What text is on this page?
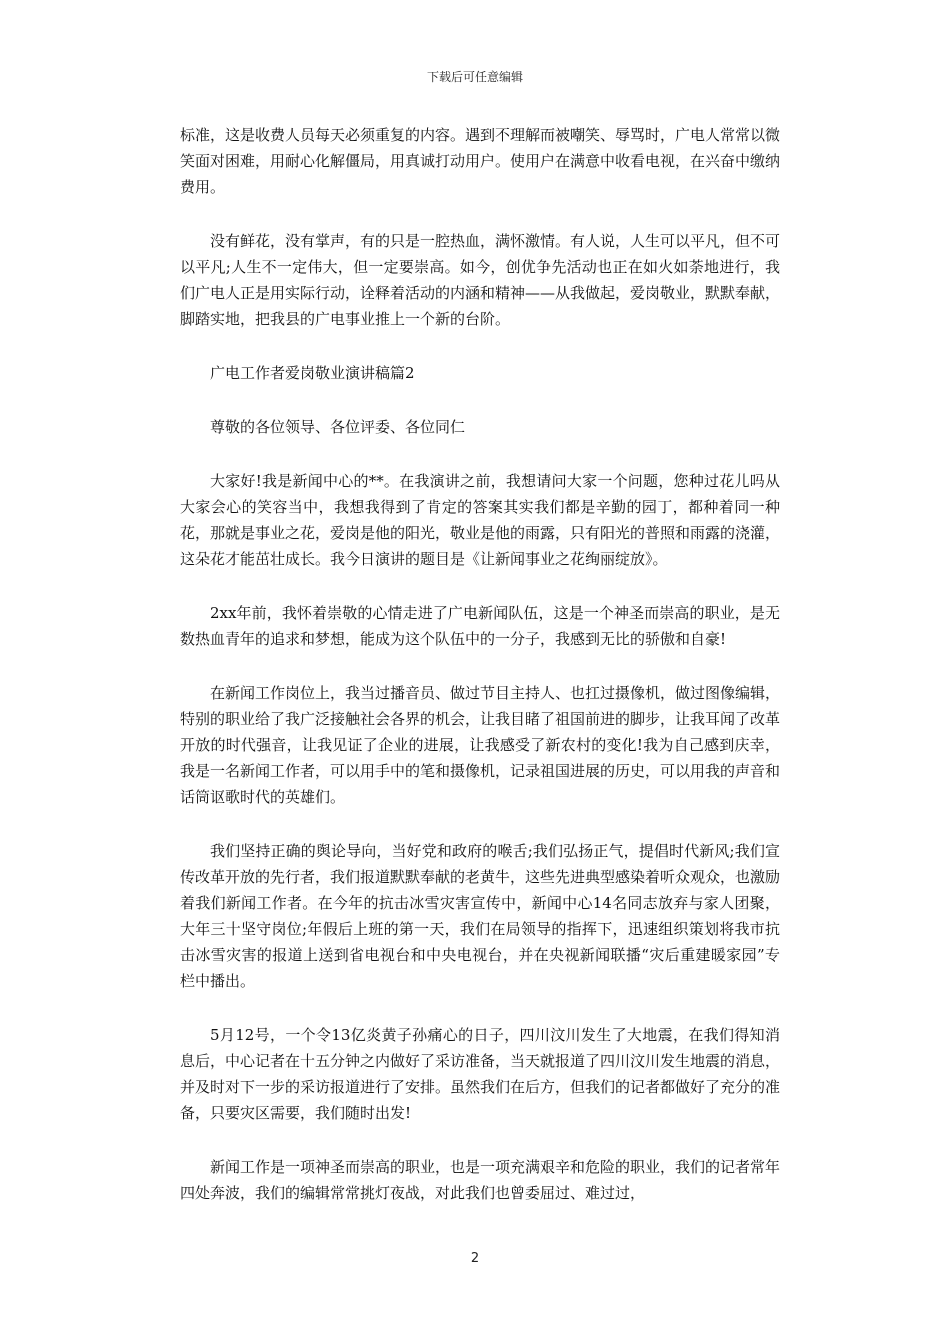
下载后可任意编辑

标准，这是收费人员每天必须重复的内容。遇到不理解而被嘲笑、辱骂时，广电人常常以微笑面对困难，用耐心化解僵局，用真诚打动用户。使用户在满意中收看电视，在兴奋中缴纳费用。

没有鲜花，没有掌声，有的只是一腔热血，满怀激情。有人说，人生可以平凡，但不可以平凡;人生不一定伟大，但一定要崇高。如今，创优争先活动也正在如火如荼地进行，我们广电人正是用实际行动，诠释着活动的内涵和精神——从我做起，爱岗敬业，默默奉献，脚踏实地，把我县的广电事业推上一个新的台阶。

广电工作者爱岗敬业演讲稿篇2

尊敬的各位领导、各位评委、各位同仁

大家好!我是新闻中心的**。在我演讲之前，我想请问大家一个问题，您种过花儿吗从大家会心的笑容当中，我想我得到了肯定的答案其实我们都是辛勤的园丁，都种着同一种花，那就是事业之花，爱岗是他的阳光，敬业是他的雨露，只有阳光的普照和雨露的浇灌，这朵花才能茁壮成长。我今日演讲的题目是《让新闻事业之花绚丽绽放》。

2xx年前，我怀着崇敬的心情走进了广电新闻队伍，这是一个神圣而崇高的职业，是无数热血青年的追求和梦想，能成为这个队伍中的一分子，我感到无比的骄傲和自豪!

在新闻工作岗位上，我当过播音员、做过节目主持人、也扛过摄像机，做过图像编辑，特别的职业给了我广泛接触社会各界的机会，让我目睹了祖国前进的脚步，让我耳闻了改革开放的时代强音，让我见证了企业的进展，让我感受了新农村的变化!我为自己感到庆幸，我是一名新闻工作者，可以用手中的笔和摄像机，记录祖国进展的历史，可以用我的声音和话筒讴歌时代的英雄们。

我们坚持正确的舆论导向，当好党和政府的喉舌;我们弘扬正气，提倡时代新风;我们宣传改革开放的先行者，我们报道默默奉献的老黄牛，这些先进典型感染着听众观众，也激励着我们新闻工作者。在今年的抗击冰雪灾害宣传中，新闻中心14名同志放弃与家人团聚，大年三十坚守岗位;年假后上班的第一天，我们在局领导的指挥下，迅速组织策划将我市抗击冰雪灾害的报道上送到省电视台和中央电视台，并在央视新闻联播“灾后重建暖家园”专栏中播出。

5月12号，一个令13亿炎黄子孙痛心的日子，四川汶川发生了大地震，在我们得知消息后，中心记者在十五分钟之内做好了采访准备，当天就报道了四川汶川发生地震的消息，并及时对下一步的采访报道进行了安排。虽然我们在后方，但我们的记者都做好了充分的准备，只要灾区需要，我们随时出发!

新闻工作是一项神圣而崇高的职业，也是一项充满艰辛和危险的职业，我们的记者常年四处奔波，我们的编辑常常挑灯夜战，对此我们也曾委屈过、难过过，

2
